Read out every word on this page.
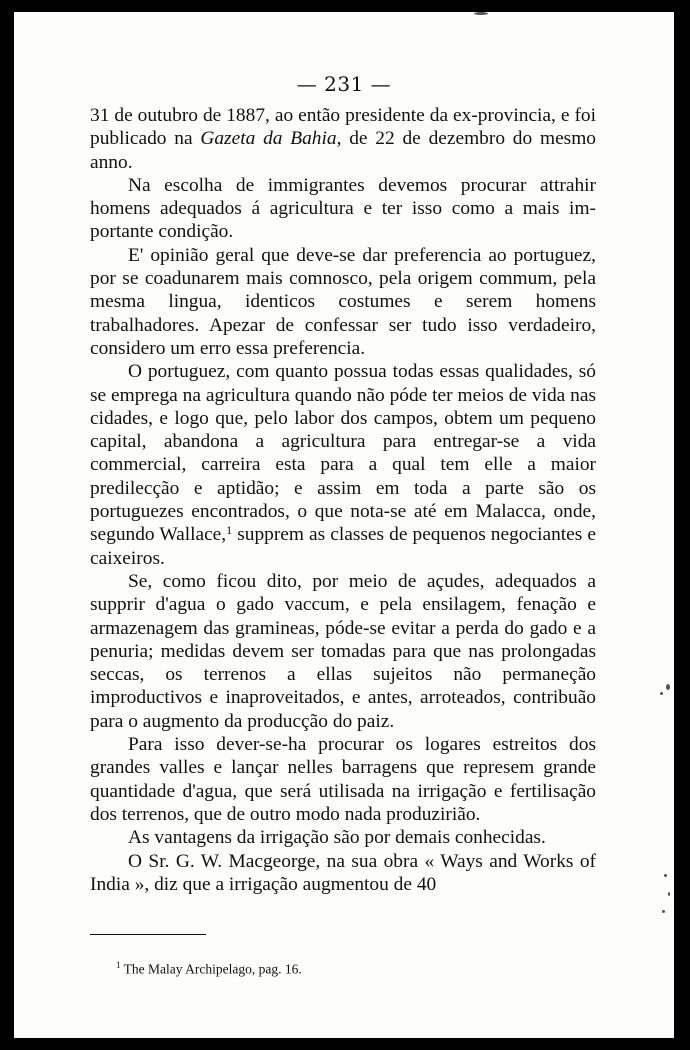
— 231 —

31 de outubro de 1887, ao então presidente da ex-provincia, e foi publicado na Gazeta da Bahia, de 22 de dezembro do mesmo anno.

Na escolha de immigrantes devemos procurar attrahir homens adequados á agricultura e ter isso como a mais importante condição.

E' opinião geral que deve-se dar preferencia ao portuguez, por se coadunarem mais comnosco, pela origem commum, pela mesma lingua, identicos costumes e serem homens trabalhadores. Apezar de confessar ser tudo isso verdadeiro, considero um erro essa preferencia.

O portuguez, com quanto possua todas essas qualidades, só se emprega na agricultura quando não póde ter meios de vida nas cidades, e logo que, pelo labor dos campos, obtem um pequeno capital, abandona a agricultura para entregar-se a vida commercial, carreira esta para a qual tem elle a maior predilecção e aptidão; e assim em toda a parte são os portuguezes encontrados, o que nota-se até em Malacca, onde, segundo Wallace,$^1$ supprem as classes de pequenos negociantes e caixeiros.

Se, como ficou dito, por meio de açudes, adequados a supprir d'agua o gado vaccum, e pela ensilagem, fenação e armazenagem das gramineas, póde-se evitar a perda do gado e a penuria; medidas devem ser tomadas para que nas prolongadas seccas, os terrenos a ellas sujeitos não permaneção improductivos e inaproveitados, e antes, arroteados, contribuão para o augmento da producção do paiz.

Para isso dever-se-ha procurar os logares estreitos dos grandes valles e lançar nelles barragens que represem grande quantidade d'agua, que será utilisada na irrigação e fertilisação dos terrenos, que de outro modo nada produzirião.

As vantagens da irrigação são por demais conhecidas.

O Sr. G. W. Macgeorge, na sua obra « Ways and Works of India », diz que a irrigação augmentou de 40

$^1$ The Malay Archipelago, pag. 16.
